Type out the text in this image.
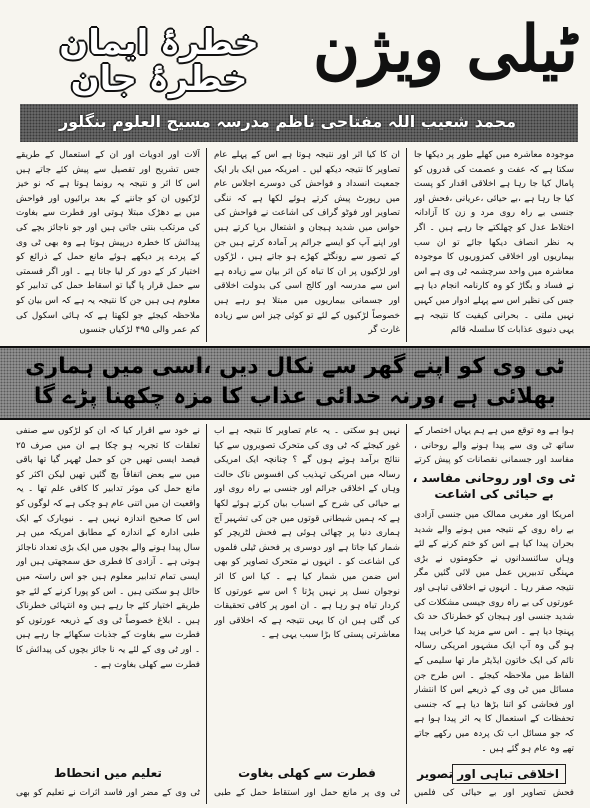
ٹیلی ویژن
خطرۂ ایمان
خطرۂ جان
محمد شعیب اللہ مفتاحی ناظم مدرسہ مسیح العلوم بنگلور

موجودہ معاشرہ میں کھلے طور پر دیکھا جا سکتا ہے کہ عفت و عصمت کی قدروں کو پامال کیا جا رہا ہے اخلاقی اقدار کو پست کیا جا رہا ہے ،بے حیائی ،عریانی ،فحش اور جنسی بے راہ روی مرد و زن کا آزادانہ اختلاط عدل کو چھلکتے جا رہے ہیں ۔ اگر بہ نظر انصاف دیکھا جائے تو ان سب بیماریوں اور اخلاقی کمزوریوں کا موجودہ معاشرہ میں واحد سرچشمہ ٹی وی ہے اس نے فساد و بگاڑ کو وہ کارنامہ انجام دیا ہے جس کی نظیر اس سے پہلے ادوار میں کہیں نہیں ملتی ۔ بحرانی کیفیت کا نتیجہ ہے یہی دنیوی عذابات کا سلسلہ قائم

ان کا کیا اثر اور نتیجہ ہوتا ہے اس کے پہلے عام تصاویر کا نتیجہ دیکھ لیں ۔ امریکہ میں ایک بار ایک جمعیت انسداد و فواحش کی دوسرے اجلاس عام میں رپورٹ پیش کرتے ہوئے لکھا ہے کہ ننگی تصاویر اور فوٹو گراف کی اشاعت نے فواحش کی حواس میں شدید ہیجان و اشتعال برپا کرتے ہیں اور اپنے آپ کو ایسے جرائم پر آمادہ کرتے ہیں جن کے تصور سے رونگٹے کھڑے ہو جاتے ہیں ، لڑکوں اور لڑکیوں پر ان کا تباہ کن اثر بیان سے زیادہ ہے اس سے مدرسہ اور کالج اسی کی بدولت اخلاقی اور جسمانی بیماریوں میں مبتلا ہو رہے ہیں خصوصاً لڑکیوں کے لئے تو کوئی چیز اس سے زیادہ غارت گر

آلات اور ادویات اور ان کے استعمال کے طریقے جس تشریح اور تفصیل سے پیش کئے جاتے ہیں اس کا اثر و نتیجہ یہ رونما ہوتا ہے کہ نو خیز لڑکیوں ان کو جاننے کے بعد برائیوں اور فواحش میں بے دھڑک مبتلا ہوتی اور فطرت سے بغاوت کی مرتکب بنتی جاتی ہیں اور جو ناجائز بچے کی پیدائش کا خطرہ درپیش ہوتا ہے وہ بھی ٹی وی کے پردے پر دیکھے ہوئے مانع حمل کے ذرائع کو اختیار کر کے دور کر لیا جاتا ہے ۔ اور اگر قسمتی سے حمل قرار پا گیا تو اسقاط حمل کی تدابیر کو معلوم ہی ہیں جن کا نتیجہ یہ ہے کہ اس بیان کو ملاحظہ کیجئے جو لکھتا ہے کہ ہائی اسکول کی کم عمر والی ۴۹۵ لڑکیاں جنسوں

ٹی وی کو اپنے گھر سے نکال دیں ،اسی میں ہماری بھلائی ہے ،ورنہ خدائی عذاب کا مزہ چکھنا پڑے گا

ہوا ہے وہ توقع میں ہے ہم یہاں اختصار کے ساتھ ٹی وی سے پیدا ہونے والے روحانی ، مفاسد اور جسمانی نقصانات کو پیش کرتے

ٹی وی اور روحانی مفاسد ، بے حیائی کی اشاعت

امریکا اور مغربی ممالک میں جنسی آزادی بے راہ روی کے نتیجہ میں ہونے والے شدید بحران پیدا کیا ہے اس کو ختم کرنے کے لئے وہاں سائنسدانوں نے حکومتوں نے بڑی مہنگی تدبیریں عمل میں لائی گئیں مگر نتیجہ صفر رہا ۔ انہوں نے اخلاقی تباہی اور عورتوں کی بے راہ روی جیسی مشکلات کی شدید جنسی اور ہیجان کو خطرناک حد تک پہنچا دیا ہے ۔ اس سے مزید کیا خرابی پیدا ہو گی وہ آپ ایک مشہور امریکی رسالہ نائم کی ایک خاتون ایڈیٹر مار تھا سلیمی کے الفاظ میں ملاحظہ کیجئے ۔ اس طرح جن مسائل میں ٹی وی کے ذریعے اس کا انتشار اور فحاشی کو اتنا بڑھا دیا ہے کہ جنسی تحفظات کے استعمال کا یہ اثر پیدا ہوا ہے کہ جو مسائل اب تک پردہ میں رکھے جاتے تھے وہ عام ہو گئے ہیں ۔

اخلاقی تباہی اور تصویر

فحش تصاویر اور بے حیائی کی فلمیں

نہیں ہو سکتی ۔ یہ عام تصاویر کا نتیجہ ہے اب غور کیجئے کہ ٹی وی کی متحرک تصویروں سے کیا نتائج برآمد ہوتے ہوں گے ؟ چنانچہ ایک امریکی رسالہ میں امریکی تہذیب کی افسوس ناک حالت وہاں کے اخلاقی جرائم اور جنسی بے راہ روی اور بے حیائی کی شرح کے اسباب بیان کرتے ہوئے لکھا ہے کہ ہمیں شیطانی قوتوں میں جن کی تشہیر آج ہماری دنیا پر چھائی ہوئی ہے فحش لٹریچر کو شمار کیا جاتا ہے اور دوسری پر فحش ٹیلی فلموں کی اشاعت کو ۔ انہوں نے متحرک تصاویر کو بھی اس ضمن میں شمار کیا ہے ۔ کیا اس کا اثر نوجوان نسل پر نہیں پڑتا ؟ اس سے عورتوں کا کردار تباہ ہو رہا ہے ۔ ان امور پر کافی تحقیقات کی گئی ہیں ان کا یہی نتیجہ ہے کہ اخلاقی اور معاشرتی پستی کا بڑا سبب یہی ہے ۔

فطرت سے کھلی بغاوت

ٹی وی پر مانع حمل اور استقاط حمل کے طبی

نے خود سے اقرار کیا کہ ان کو لڑکوں سے صنفی تعلقات کا تجربہ ہو چکا ہے ان میں صرف ۲۵ فیصد ایسی تھیں جن کو حمل ٹھہر گیا تھا باقی میں سے بعض اتفاقاً بچ گئیں تھیں لیکن اکثر کو مانع حمل کی موثر تدابیر کا کافی علم تھا ۔ یہ واقعیت ان میں اتنی عام ہو چکی ہے کہ لوگوں کو اس کا صحیح اندازہ نہیں ہے ۔ نیویارک کے ایک طبی ادارہ کے اندازہ کے مطابق امریکہ میں ہر سال پیدا ہونے والے بچوں میں ایک بڑی تعداد ناجائز ہوتی ہے ۔ آزادی کا فطری حق سمجھتی ہیں اور ایسی تمام تدابیر معلوم ہیں جو اس راستہ میں حائل ہو سکتی ہیں ۔ اس کو پورا کرنے کے لئے جو طریقے اختیار کئے جا رہے ہیں وہ انتہائی خطرناک ہیں ۔ ابلاغ خصوصاً ٹی وی کے ذریعہ عورتوں کو فطرت سے بغاوت کے جذبات سکھائے جا رہے ہیں ۔ اور ٹی وی کے لئے یہ نا جائز بچوں کی پیدائش کا فطرت سے کھلی بغاوت ہے ۔

تعلیم میں انحطاط

ٹی وی کے مضر اور فاسد اثرات نے تعلیم کو بھی
